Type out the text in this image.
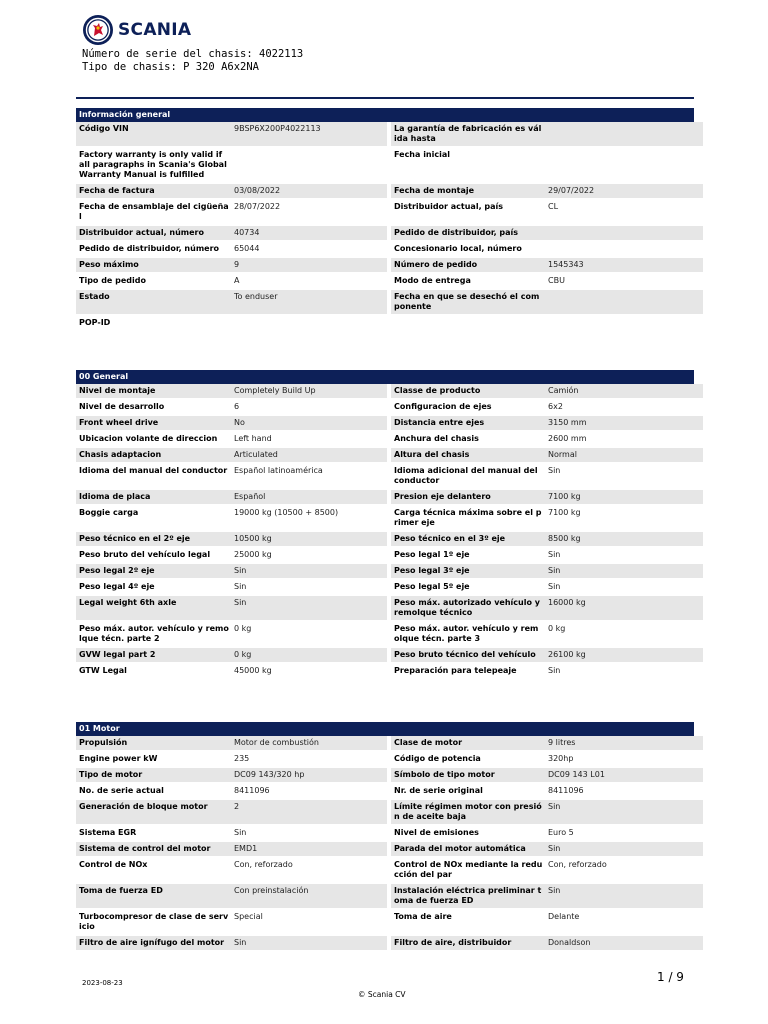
SCANIA
Número de serie del chasis: 4022113
Tipo de chasis: P 320 A6x2NA
Información general
Código VIN	9BSP6X200P4022113	La garantía de fabricación es válida hasta	
Factory warranty is only valid if all paragraphs in Scania's Global Warranty Manual is fulfilled		Fecha inicial	
Fecha de factura	03/08/2022	Fecha de montaje	29/07/2022
Fecha de ensamblaje del cigüeñal	28/07/2022	Distribuidor actual, país	CL
Distribuidor actual, número	40734	Pedido de distribuidor, país	
Pedido de distribuidor, número	65044	Concesionario local, número	
Peso máximo	9	Número de pedido	1545343
Tipo de pedido	A	Modo de entrega	CBU
Estado	To enduser	Fecha en que se desechó el componente	
POP-ID			
00 General
Nivel de montaje	Completely Build Up	Classe de producto	Camión
Nivel de desarrollo	6	Configuracion de ejes	6x2
Front wheel drive	No	Distancia entre ejes	3150 mm
Ubicacion volante de direccion	Left hand	Anchura del chasis	2600 mm
Chasis adaptacion	Articulated	Altura del chasis	Normal
Idioma del manual del conductor	Español latinoamérica	Idioma adicional del manual del conductor	Sin
Idioma de placa	Español	Presion eje delantero	7100 kg
Boggie carga	19000 kg (10500 + 8500)	Carga técnica máxima sobre el primer eje	7100 kg
Peso técnico en el 2º eje	10500 kg	Peso técnico en el 3º eje	8500 kg
Peso bruto del vehículo legal	25000 kg	Peso legal 1º eje	Sin
Peso legal 2º eje	Sin	Peso legal 3º eje	Sin
Peso legal 4º eje	Sin	Peso legal 5º eje	Sin
Legal weight 6th axle	Sin	Peso máx. autorizado vehículo y remolque técnico	16000 kg
Peso máx. autor. vehículo y remolque técn. parte 2	0 kg	Peso máx. autor. vehículo y remolque técn. parte 3	0 kg
GVW legal part 2	0 kg	Peso bruto técnico del vehículo	26100 kg
GTW Legal	45000 kg	Preparación para telepeaje	Sin
01 Motor
Propulsión	Motor de combustión	Clase de motor	9 litres
Engine power kW	235	Código de potencia	320hp
Tipo de motor	DC09 143/320 hp	Símbolo de tipo motor	DC09 143 L01
No. de serie actual	8411096	Nr. de serie original	8411096
Generación de bloque motor	2	Límite régimen motor con presión de aceite baja	Sin
Sistema EGR	Sin	Nivel de emisiones	Euro 5
Sistema de control del motor	EMD1	Parada del motor automática	Sin
Control de NOx	Con, reforzado	Control de NOx mediante la reducción del par	Con, reforzado
Toma de fuerza ED	Con preinstalación	Instalación eléctrica preliminar toma de fuerza ED	Sin
Turbocompresor de clase de servicio	Special	Toma de aire	Delante
Filtro de aire ignífugo del motor	Sin	Filtro de aire, distribuidor	Donaldson
1 / 9
2023-08-23
© Scania CV
